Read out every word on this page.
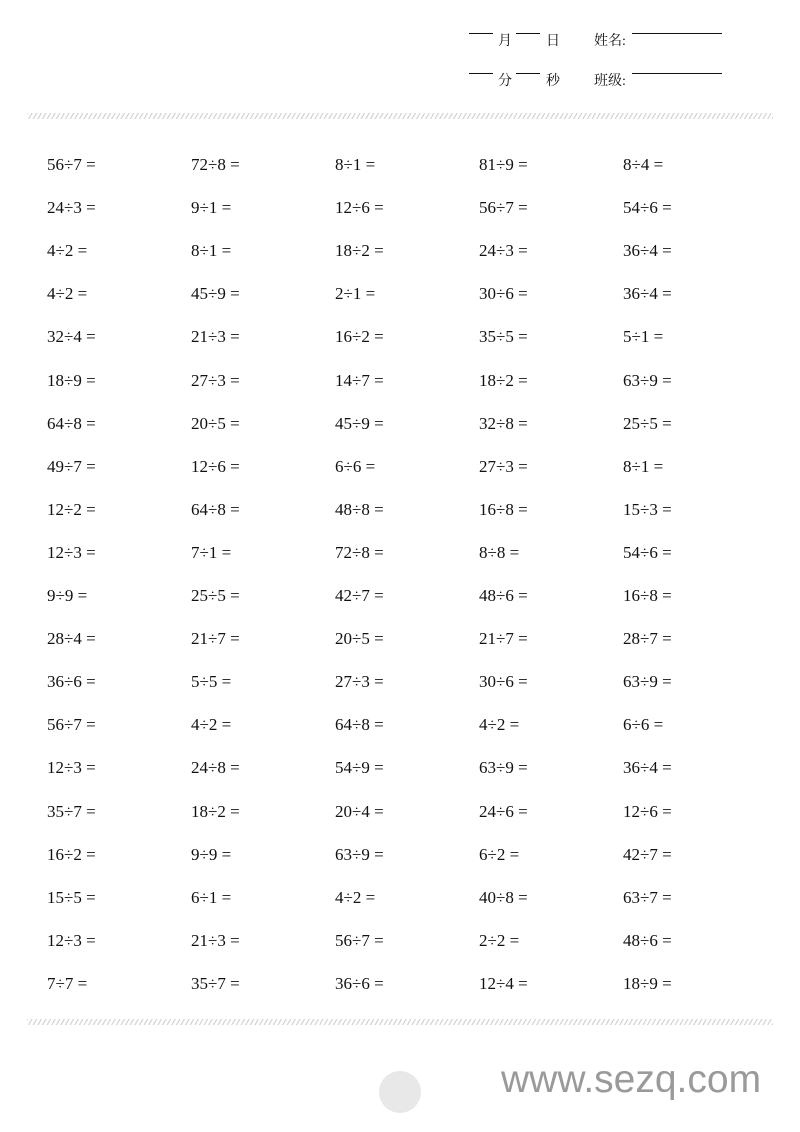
月 日 姓名:
分 秒 班级:
56÷7 =	72÷8 =	8÷1 =	81÷9 =	8÷4 =
24÷3 =	9÷1 =	12÷6 =	56÷7 =	54÷6 =
4÷2 =	8÷1 =	18÷2 =	24÷3 =	36÷4 =
4÷2 =	45÷9 =	2÷1 =	30÷6 =	36÷4 =
32÷4 =	21÷3 =	16÷2 =	35÷5 =	5÷1 =
18÷9 =	27÷3 =	14÷7 =	18÷2 =	63÷9 =
64÷8 =	20÷5 =	45÷9 =	32÷8 =	25÷5 =
49÷7 =	12÷6 =	6÷6 =	27÷3 =	8÷1 =
12÷2 =	64÷8 =	48÷8 =	16÷8 =	15÷3 =
12÷3 =	7÷1 =	72÷8 =	8÷8 =	54÷6 =
9÷9 =	25÷5 =	42÷7 =	48÷6 =	16÷8 =
28÷4 =	21÷7 =	20÷5 =	21÷7 =	28÷7 =
36÷6 =	5÷5 =	27÷3 =	30÷6 =	63÷9 =
56÷7 =	4÷2 =	64÷8 =	4÷2 =	6÷6 =
12÷3 =	24÷8 =	54÷9 =	63÷9 =	36÷4 =
35÷7 =	18÷2 =	20÷4 =	24÷6 =	12÷6 =
16÷2 =	9÷9 =	63÷9 =	6÷2 =	42÷7 =
15÷5 =	6÷1 =	4÷2 =	40÷8 =	63÷7 =
12÷3 =	21÷3 =	56÷7 =	2÷2 =	48÷6 =
7÷7 =	35÷7 =	36÷6 =	12÷4 =	18÷9 =
www.sezq.com
